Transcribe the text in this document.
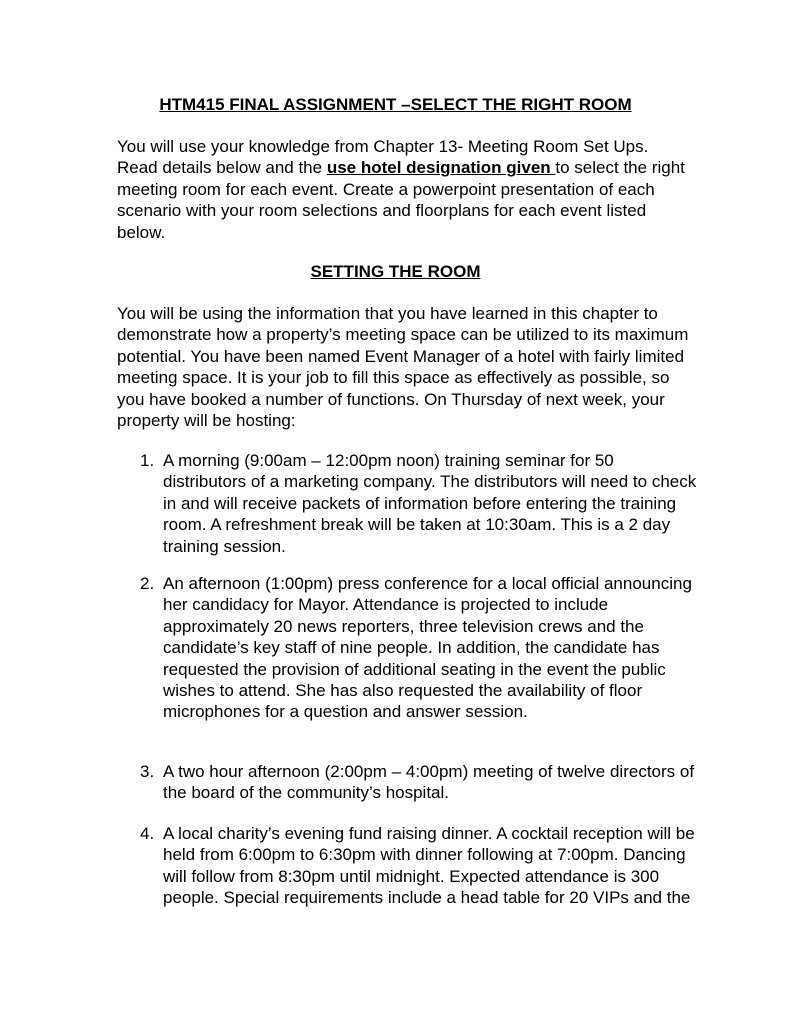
HTM415 FINAL ASSIGNMENT –SELECT THE RIGHT ROOM

You will use your knowledge from Chapter 13- Meeting Room Set Ups. Read details below and the use hotel designation given to select the right meeting room for each event. Create a powerpoint presentation of each scenario with your room selections and floorplans for each event listed below.

SETTING THE ROOM

You will be using the information that you have learned in this chapter to demonstrate how a property’s meeting space can be utilized to its maximum potential. You have been named Event Manager of a hotel with fairly limited meeting space. It is your job to fill this space as effectively as possible, so you have booked a number of functions. On Thursday of next week, your property will be hosting:

1. A morning (9:00am – 12:00pm noon) training seminar for 50 distributors of a marketing company. The distributors will need to check in and will receive packets of information before entering the training room. A refreshment break will be taken at 10:30am. This is a 2 day training session.
2. An afternoon (1:00pm) press conference for a local official announcing her candidacy for Mayor. Attendance is projected to include approximately 20 news reporters, three television crews and the candidate’s key staff of nine people. In addition, the candidate has requested the provision of additional seating in the event the public wishes to attend. She has also requested the availability of floor microphones for a question and answer session.
3. A two hour afternoon (2:00pm – 4:00pm) meeting of twelve directors of the board of the community’s hospital.
4. A local charity’s evening fund raising dinner. A cocktail reception will be held from 6:00pm to 6:30pm with dinner following at 7:00pm. Dancing will follow from 8:30pm until midnight. Expected attendance is 300 people. Special requirements include a head table for 20 VIPs and the
